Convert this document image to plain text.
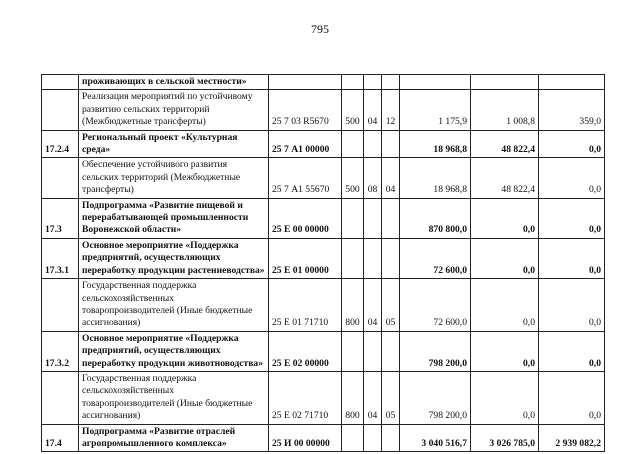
795
	проживающих в сельской местности»							
	Реализация мероприятий по устойчивому развитию сельских территорий (Межбюджетные трансферты)	25 7 03 R5670	500	04	12	1 175,9	1 008,8	359,0
17.2.4	Региональный проект «Культурная среда»	25 7 А1 00000				18 968,8	48 822,4	0,0
	Обеспечение устойчивого развития сельских территорий (Межбюджетные трансферты)	25 7 А1 55670	500	08	04	18 968,8	48 822,4	0,0
17.3	Подпрограмма «Развитие пищевой и перерабатывающей промышленности Воронежской области»	25 Е 00 00000				870 800,0	0,0	0,0
17.3.1	Основное мероприятие «Поддержка предприятий, осуществляющих переработку продукции растениеводства»	25 Е 01 00000				72 600,0	0,0	0,0
	Государственная поддержка сельскохозяйственных товаропроизводителей (Иные бюджетные ассигнования)	25 Е 01 71710	800	04	05	72 600,0	0,0	0,0
17.3.2	Основное мероприятие «Поддержка предприятий, осуществляющих переработку продукции животноводства»	25 Е 02 00000				798 200,0	0,0	0,0
	Государственная поддержка сельскохозяйственных товаропроизводителей (Иные бюджетные ассигнования)	25 Е 02 71710	800	04	05	798 200,0	0,0	0,0
17.4	Подпрограмма «Развитие отраслей агропромышленного комплекса»	25 И 00 00000				3 040 516,7	3 026 785,0	2 939 082,2
